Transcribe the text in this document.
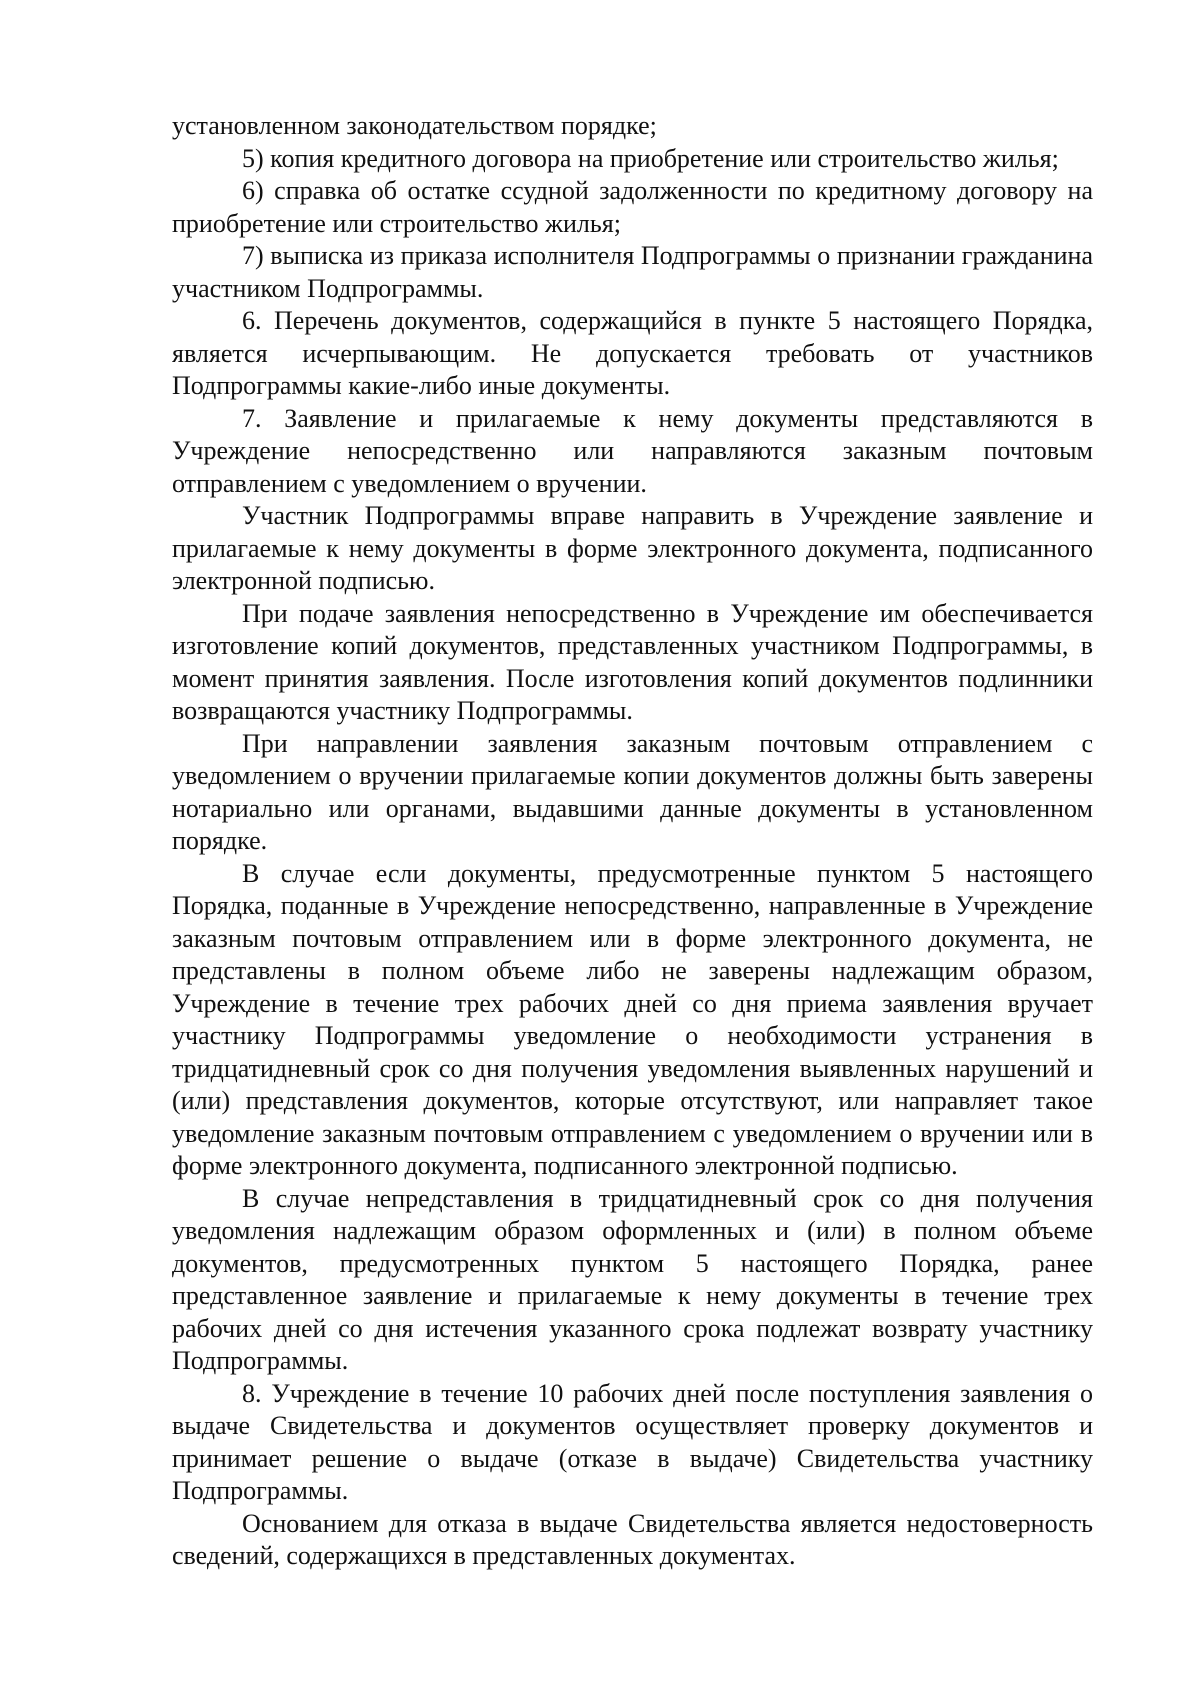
установленном законодательством порядке;

5) копия кредитного договора на приобретение или строительство жилья;

6) справка об остатке ссудной задолженности по кредитному договору на приобретение или строительство жилья;

7) выписка из приказа исполнителя Подпрограммы о признании гражданина участником Подпрограммы.

6. Перечень документов, содержащийся в пункте 5 настоящего Порядка, является исчерпывающим. Не допускается требовать от участников Подпрограммы какие-либо иные документы.

7. Заявление и прилагаемые к нему документы представляются в Учреждение непосредственно или направляются заказным почтовым отправлением с уведомлением о вручении.

Участник Подпрограммы вправе направить в Учреждение заявление и прилагаемые к нему документы в форме электронного документа, подписанного электронной подписью.

При подаче заявления непосредственно в Учреждение им обеспечивается изготовление копий документов, представленных участником Подпрограммы, в момент принятия заявления. После изготовления копий документов подлинники возвращаются участнику Подпрограммы.

При направлении заявления заказным почтовым отправлением с уведомлением о вручении прилагаемые копии документов должны быть заверены нотариально или органами, выдавшими данные документы в установленном порядке.

В случае если документы, предусмотренные пунктом 5 настоящего Порядка, поданные в Учреждение непосредственно, направленные в Учреждение заказным почтовым отправлением или в форме электронного документа, не представлены в полном объеме либо не заверены надлежащим образом, Учреждение в течение трех рабочих дней со дня приема заявления вручает участнику Подпрограммы уведомление о необходимости устранения в тридцатидневный срок со дня получения уведомления выявленных нарушений и (или) представления документов, которые отсутствуют, или направляет такое уведомление заказным почтовым отправлением с уведомлением о вручении или в форме электронного документа, подписанного электронной подписью.

В случае непредставления в тридцатидневный срок со дня получения уведомления надлежащим образом оформленных и (или) в полном объеме документов, предусмотренных пунктом 5 настоящего Порядка, ранее представленное заявление и прилагаемые к нему документы в течение трех рабочих дней со дня истечения указанного срока подлежат возврату участнику Подпрограммы.

8. Учреждение в течение 10 рабочих дней после поступления заявления о выдаче Свидетельства и документов осуществляет проверку документов и принимает решение о выдаче (отказе в выдаче) Свидетельства участнику Подпрограммы.

Основанием для отказа в выдаче Свидетельства является недостоверность сведений, содержащихся в представленных документах.
